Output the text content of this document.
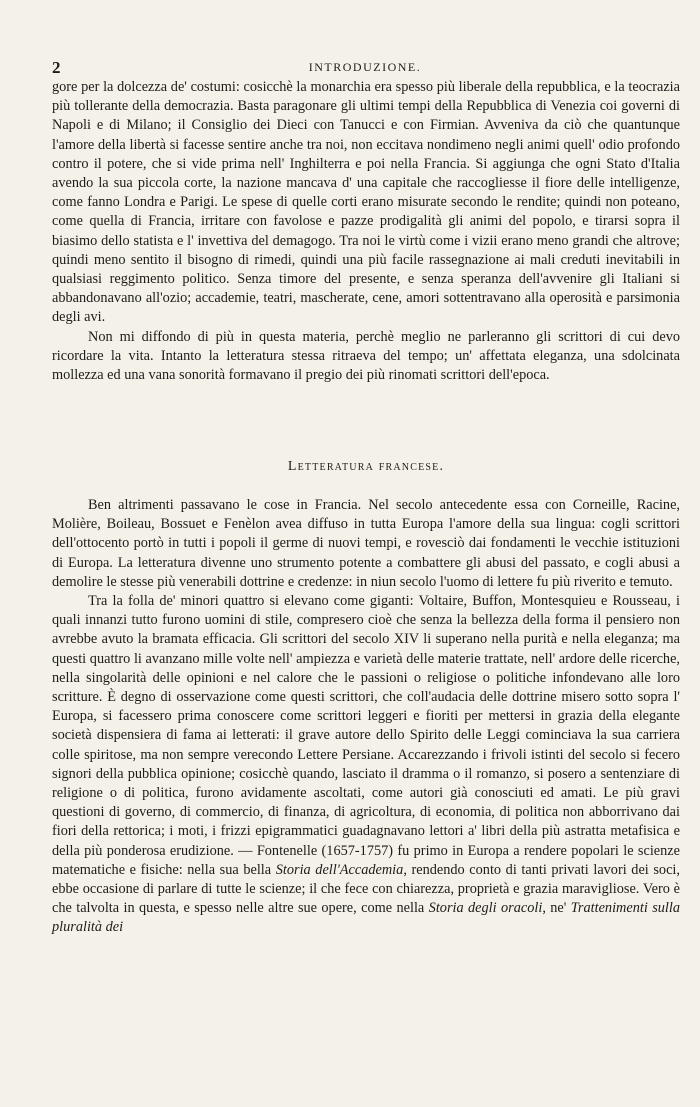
2	INTRODUZIONE.

gore per la dolcezza de' costumi: cosicchè la monarchia era spesso più liberale della repubblica, e la teocrazia più tollerante della democrazia. Basta paragonare gli ultimi tempi della Repubblica di Venezia coi governi di Napoli e di Milano; il Consiglio dei Dieci con Tanucci e con Firmian. Avveniva da ciò che quantunque l'amore della libertà si facesse sentire anche tra noi, non eccitava nondimeno negli animi quell' odio profondo contro il potere, che si vide prima nell' Inghilterra e poi nella Francia. Si aggiunga che ogni Stato d'Italia avendo la sua piccola corte, la nazione mancava d' una capitale che raccogliesse il fiore delle intelligenze, come fanno Londra e Parigi. Le spese di quelle corti erano misurate secondo le rendite; quindi non poteano, come quella di Francia, irritare con favolose e pazze prodigalità gli animi del popolo, e tirarsi sopra il biasimo dello statista e l' invettiva del demagogo. Tra noi le virtù come i vizii erano meno grandi che altrove; quindi meno sentito il bisogno di rimedi, quindi una più facile rassegnazione ai mali creduti inevitabili in qualsiasi reggimento politico. Senza timore del presente, e senza speranza dell'avvenire gli Italiani si abbandonavano all'ozio; accademie, teatri, mascherate, cene, amori sottentravano alla operosità e parsimonia degli avi.

Non mi diffondo di più in questa materia, perchè meglio ne parleranno gli scrittori di cui devo ricordare la vita. Intanto la letteratura stessa ritraeva del tempo; un' affettata eleganza, una sdolcinata mollezza ed una vana sonorità formavano il pregio dei più rinomati scrittori dell'epoca.

Letteratura francese.

Ben altrimenti passavano le cose in Francia. Nel secolo antecedente essa con Corneille, Racine, Molière, Boileau, Bossuet e Fenèlon avea diffuso in tutta Europa l'amore della sua lingua: cogli scrittori dell'ottocento portò in tutti i popoli il germe di nuovi tempi, e rovesciò dai fondamenti le vecchie istituzioni di Europa. La letteratura divenne uno strumento potente a combattere gli abusi del passato, e cogli abusi a demolire le stesse più venerabili dottrine e credenze: in niun secolo l'uomo di lettere fu più riverito e temuto.

Tra la folla de' minori quattro si elevano come giganti: Voltaire, Buffon, Montesquieu e Rousseau, i quali innanzi tutto furono uomini di stile, compresero cioè che senza la bellezza della forma il pensiero non avrebbe avuto la bramata efficacia. Gli scrittori del secolo XIV li superano nella purità e nella eleganza; ma questi quattro li avanzano mille volte nell' ampiezza e varietà delle materie trattate, nell' ardore delle ricerche, nella singolarità delle opinioni e nel calore che le passioni o religiose o politiche infondevano alle loro scritture. È degno di osservazione come questi scrittori, che coll'audacia delle dottrine misero sotto sopra l' Europa, si facessero prima conoscere come scrittori leggeri e fioriti per mettersi in grazia della elegante società dispensiera di fama ai letterati: il grave autore dello Spirito delle Leggi cominciava la sua carriera colle spiritose, ma non sempre verecondo Lettere Persiane. Accarezzando i frivoli istinti del secolo si fecero signori della pubblica opinione; cosicchè quando, lasciato il dramma o il romanzo, si posero a sentenziare di religione o di politica, furono avidamente ascoltati, come autori già conosciuti ed amati. Le più gravi questioni di governo, di commercio, di finanza, di agricoltura, di economia, di politica non abborrivano dai fiori della rettorica; i moti, i frizzi epigrammatici guadagnavano lettori a' libri della più astratta metafisica e della più ponderosa erudizione. — Fontenelle (1657-1757) fu primo in Europa a rendere popolari le scienze matematiche e fisiche: nella sua bella Storia dell'Accademia, rendendo conto di tanti privati lavori dei soci, ebbe occasione di parlare di tutte le scienze; il che fece con chiarezza, proprietà e grazia maravigliose. Vero è che talvolta in questa, e spesso nelle altre sue opere, come nella Storia degli oracoli, ne' Trattenimenti sulla pluralità dei
